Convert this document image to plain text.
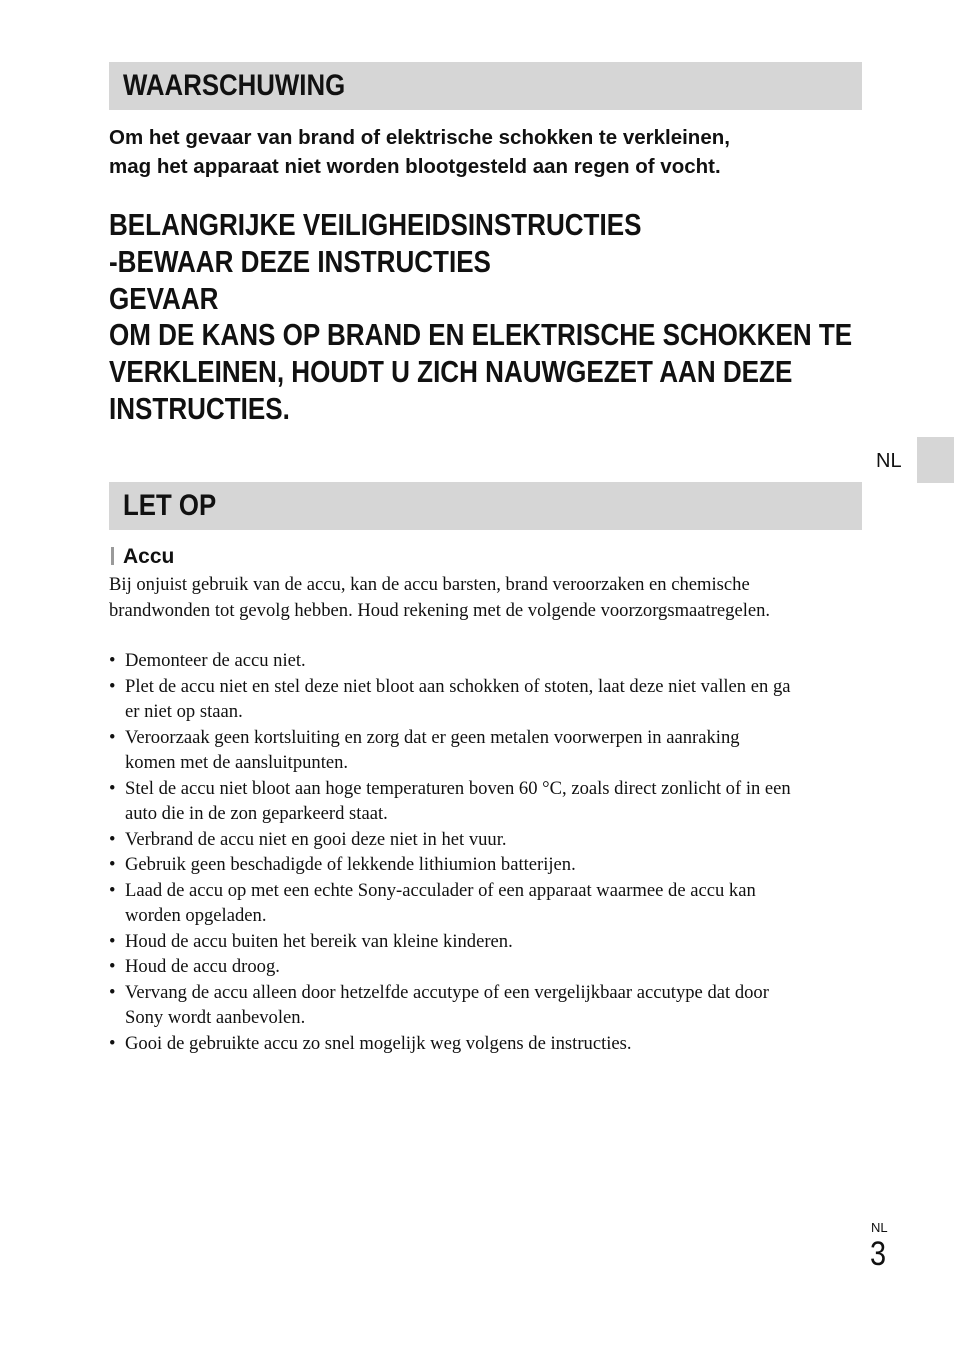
WAARSCHUWING
Om het gevaar van brand of elektrische schokken te verkleinen,
mag het apparaat niet worden blootgesteld aan regen of vocht.
BELANGRIJKE VEILIGHEIDSINSTRUCTIES
-BEWAAR DEZE INSTRUCTIES
GEVAAR
OM DE KANS OP BRAND EN ELEKTRISCHE SCHOKKEN TE
VERKLEINEN, HOUDT U ZICH NAUWGEZET AAN DEZE
INSTRUCTIES.
NL
LET OP
Accu
Bij onjuist gebruik van de accu, kan de accu barsten, brand veroorzaken en chemische
brandwonden tot gevolg hebben. Houd rekening met de volgende voorzorgsmaatregelen.
• Demonteer de accu niet.
• Plet de accu niet en stel deze niet bloot aan schokken of stoten, laat deze niet vallen en ga
er niet op staan.
• Veroorzaak geen kortsluiting en zorg dat er geen metalen voorwerpen in aanraking
komen met de aansluitpunten.
• Stel de accu niet bloot aan hoge temperaturen boven 60 °C, zoals direct zonlicht of in een
auto die in de zon geparkeerd staat.
• Verbrand de accu niet en gooi deze niet in het vuur.
• Gebruik geen beschadigde of lekkende lithiumion batterijen.
• Laad de accu op met een echte Sony-acculader of een apparaat waarmee de accu kan
worden opgeladen.
• Houd de accu buiten het bereik van kleine kinderen.
• Houd de accu droog.
• Vervang de accu alleen door hetzelfde accutype of een vergelijkbaar accutype dat door
Sony wordt aanbevolen.
• Gooi de gebruikte accu zo snel mogelijk weg volgens de instructies.
NL
3
